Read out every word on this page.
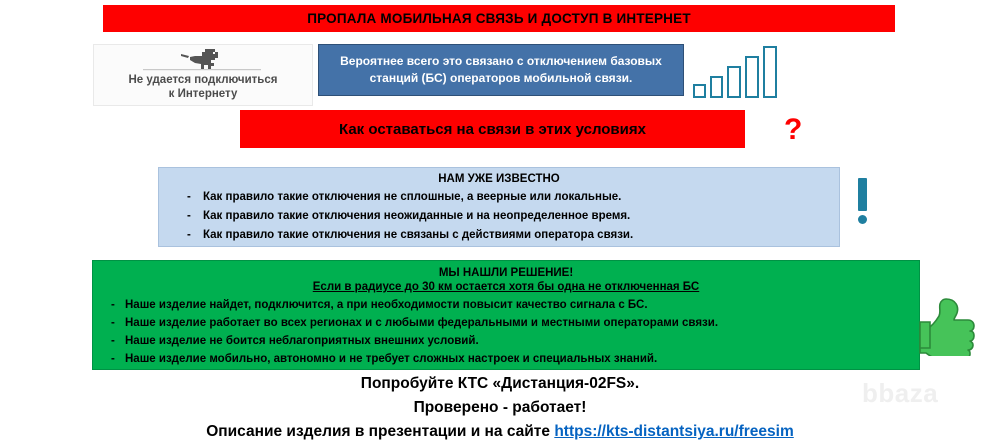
ПРОПАЛА МОБИЛЬНАЯ СВЯЗЬ И ДОСТУП В ИНТЕРНЕТ
Не удается подключиться
к Интернету
Вероятнее всего это связано с отключением базовых
станций (БС) операторов мобильной связи.
Как оставаться на связи в этих условиях	?
НАМ УЖЕ ИЗВЕСТНО
- Как правило такие отключения не сплошные, а веерные или локальные.
- Как правило такие отключения неожиданные и на неопределенное время.
- Как правило такие отключения не связаны с действиями оператора связи.
МЫ НАШЛИ РЕШЕНИЕ!
Если в радиусе до 30 км остается хотя бы одна не отключенная БС
- Наше изделие найдет, подключится, а при необходимости повысит качество сигнала с БС.
- Наше изделие работает во всех регионах и с любыми федеральными и местными операторами связи.
- Наше изделие не боится неблагоприятных внешних условий.
- Наше изделие мобильно, автономно и не требует сложных настроек и специальных знаний.
Попробуйте КТС «Дистанция-02FS».
Проверено - работает!
Описание изделия в презентации и на сайте https://kts-distantsiya.ru/freesim
bbaza
